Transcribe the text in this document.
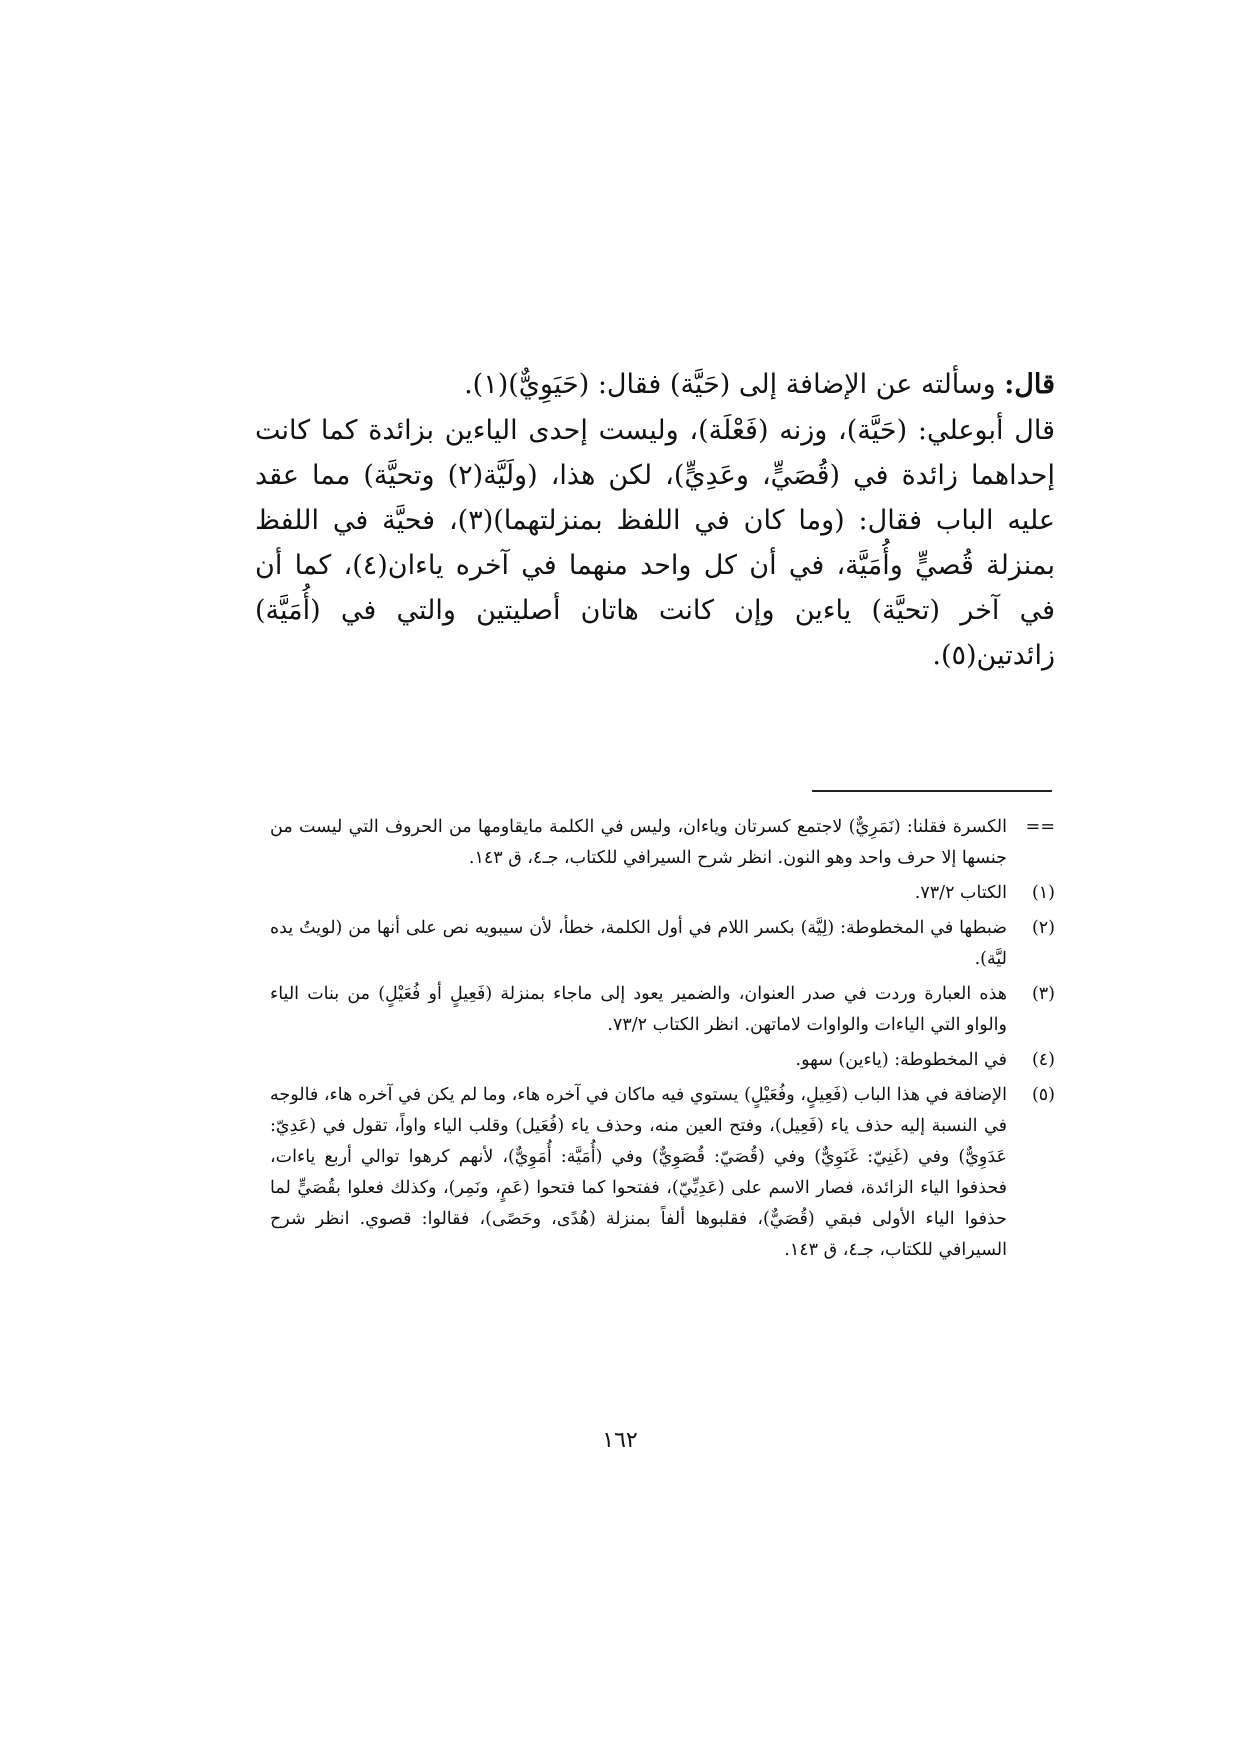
قال: وسألته عن الإضافة إلى (حَيَّة) فقال: (حَيَوِيٌّ)(١).

قال أبوعلي: (حَيَّة)، وزنه (فَعْلَة)، وليست إحدى الياءين بزائدة كما كانت إحداهما زائدة في (قُصَيٍّ، وعَدِيٍّ)، لكن هذا، (ولَيَّة(٢) وتحيَّة) مما عقد عليه الباب فقال: (وما كان في اللفظ بمنزلتهما)(٣)، فحيَّة في اللفظ بمنزلة قُصيٍّ وأُمَيَّة، في أن كل واحد منهما في آخره ياءان(٤)، كما أن في آخر (تحيَّة) ياءين وإن كانت هاتان أصليتين والتي في (أُمَيَّة) زائدتين(٥).

==
الكسرة فقلنا: (نَمَرِيٌّ) لاجتمع كسرتان وياءان، وليس في الكلمة مايقاومها من الحروف التي ليست من جنسها إلا حرف واحد وهو النون. انظر شرح السيرافي للكتاب، جـ٤، ق ١٤٣.
(١)
الكتاب ٧٣/٢.
(٢)
ضبطها في المخطوطة: (لِيَّة) بكسر اللام في أول الكلمة، خطأ، لأن سيبويه نص على أنها من (لويتُ يده ليَّة).
(٣)
هذه العبارة وردت في صدر العنوان، والضمير يعود إلى ماجاء بمنزلة (فَعِيلٍ أو فُعَيْلٍ) من بنات الياء والواو التي الياءات والواوات لاماتهن. انظر الكتاب ٧٣/٢.
(٤)
في المخطوطة: (ياءين) سهو.
(٥)
الإضافة في هذا الباب (فَعِيلٍ، وفُعَيْلٍ) يستوي فيه ماكان في آخره هاء، وما لم يكن في آخره هاء، فالوجه في النسبة إليه حذف ياء (فَعِيل)، وفتح العين منه، وحذف ياء (فُعَيل) وقلب الياء واواً، تقول في (عَدِيّ: عَدَوِيٌّ) وفي (غَنِيّ: غَنَوِيٌّ) وفي (قُصَيّ: قُصَوِيٌّ) وفي (أُمَيَّة: أُمَوِيٌّ)، لأنهم كرهوا توالي أربع ياءات، فحذفوا الياء الزائدة، فصار الاسم على (عَدِيِّيّ)، ففتحوا كما فتحوا (عَمٍ، ونَمِر)، وكذلك فعلوا بقُصَيٍّ لما حذفوا الياء الأولى فبقي (قُصَيٌّ)، فقلبوها ألفاً بمنزلة (هُدًى، وحَصًى)، فقالوا: قصوي. انظر شرح السيرافي للكتاب، جـ٤، ق ١٤٣.
١٦٢
